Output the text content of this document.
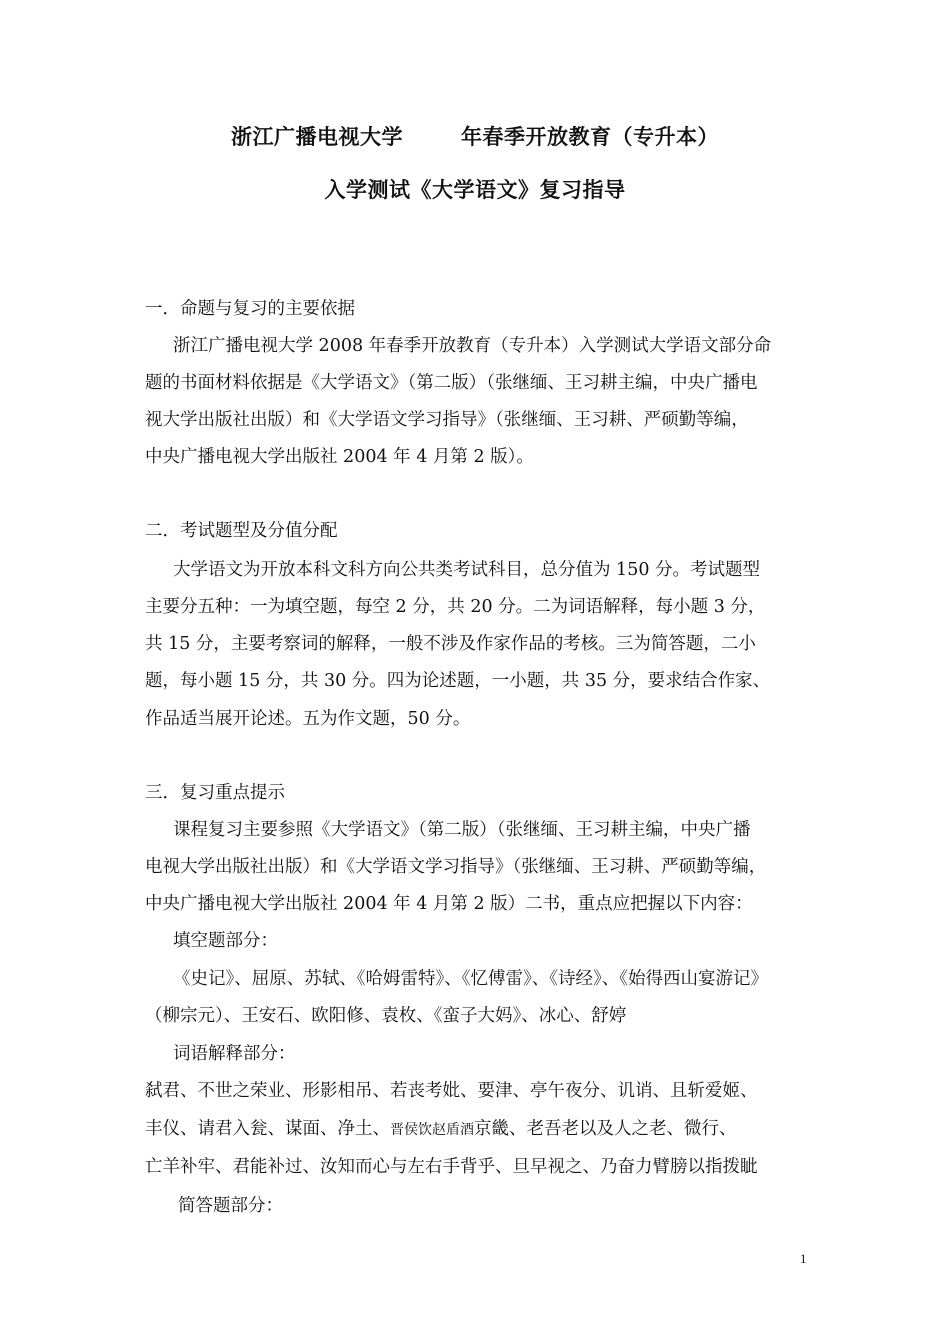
浙江广播电视大学	年春季开放教育（专升本）
入学测试《大学语文》复习指导
一．命题与复习的主要依据
浙江广播电视大学 2008 年春季开放教育（专升本）入学测试大学语文部分命
题的书面材料依据是《大学语文》（第二版）（张继缅、王习耕主编，中央广播电
视大学出版社出版）和《大学语文学习指导》（张继缅、王习耕、严硕勤等编，
中央广播电视大学出版社 2004 年 4 月第 2 版）。
二．考试题型及分值分配
大学语文为开放本科文科方向公共类考试科目，总分值为 150 分。考试题型
主要分五种：一为填空题，每空 2 分，共 20 分。二为词语解释，每小题 3 分，
共 15 分，主要考察词的解释，一般不涉及作家作品的考核。三为简答题，二小
题，每小题 15 分，共 30 分。四为论述题，一小题，共 35 分，要求结合作家、
作品适当展开论述。五为作文题，50 分。
三．复习重点提示
课程复习主要参照《大学语文》（第二版）（张继缅、王习耕主编，中央广播
电视大学出版社出版）和《大学语文学习指导》（张继缅、王习耕、严硕勤等编，
中央广播电视大学出版社 2004 年 4 月第 2 版）二书，重点应把握以下内容：
填空题部分：
《史记》、屈原、苏轼、《哈姆雷特》、《忆傅雷》、《诗经》、《始得西山宴游记》
（柳宗元）、王安石、欧阳修、袁枚、《蛮子大妈》、冰心、舒婷
词语解释部分：
弑君、不世之荣业、形影相吊、若丧考妣、要津、亭午夜分、讥诮、且斩爱姬、
丰仪、请君入瓮、谋面、净土、晋侯饮赵盾酒京畿、老吾老以及人之老、微行、
亡羊补牢、君能补过、汝知而心与左右手背乎、旦早视之、乃奋力臂膀以指拨眦
简答题部分：
1
